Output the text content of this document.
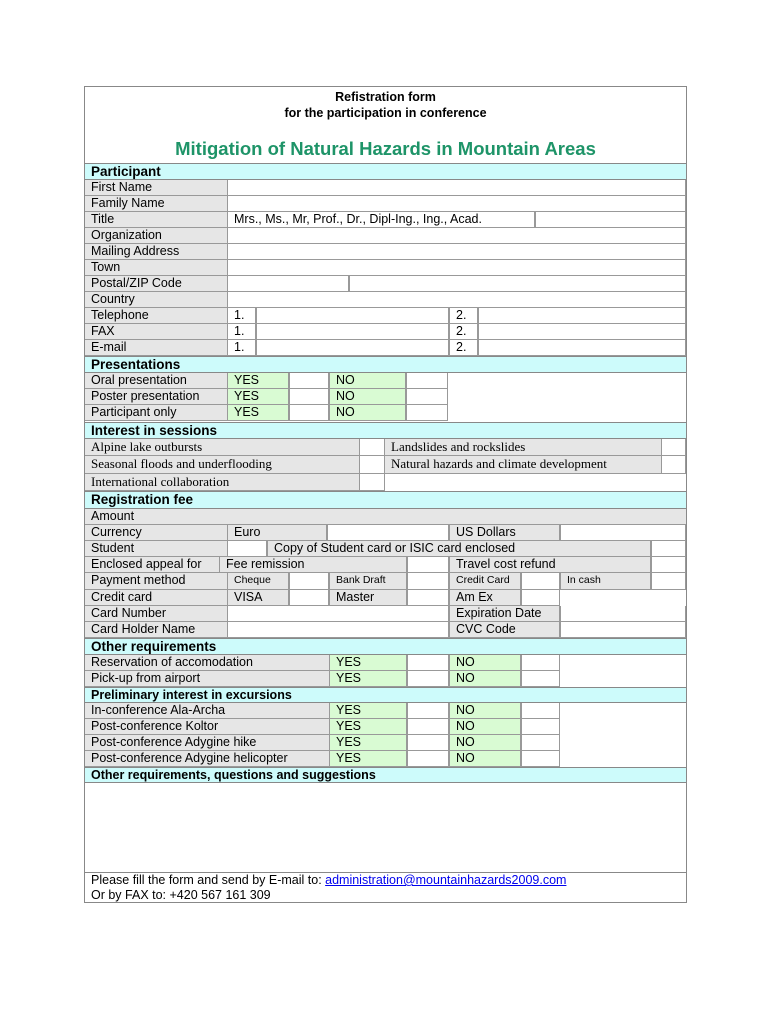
Refistration form
for the participation in conference
Mitigation of Natural Hazards in Mountain Areas
Participant
First Name
Family Name
Title	Mrs., Ms., Mr, Prof., Dr., Dipl-Ing., Ing., Acad.
Organization
Mailing Address
Town
Postal/ZIP Code
Country
Telephone	1.	2.
FAX	1.	2.
E-mail	1.	2.
Presentations
Oral presentation	YES	NO
Poster presentation	YES	NO
Participant only	YES	NO
Interest in sessions
Alpine lake outbursts	Landslides and rockslides
Seasonal floods and underflooding	Natural hazards and climate development
International collaboration
Registration fee
Amount
Currency	Euro	US Dollars
Student	Copy of Student card or ISIC card enclosed
Enclosed appeal for	Fee remission	Travel cost refund
Payment method	Cheque	Bank Draft	Credit Card	In cash
Credit card	VISA	Master	Am Ex
Card Number	Expiration Date
Card Holder Name	CVC Code
Other requirements
Reservation of accomodation	YES	NO
Pick-up from airport	YES	NO
Preliminary interest in excursions
In-conference Ala-Archa	YES	NO
Post-conference Koltor	YES	NO
Post-conference Adygine hike	YES	NO
Post-conference Adygine helicopter	YES	NO
Other requirements, questions and suggestions
Please fill the form and send by E-mail to: administration@mountainhazards2009.com
Or by FAX to: +420 567 161 309
